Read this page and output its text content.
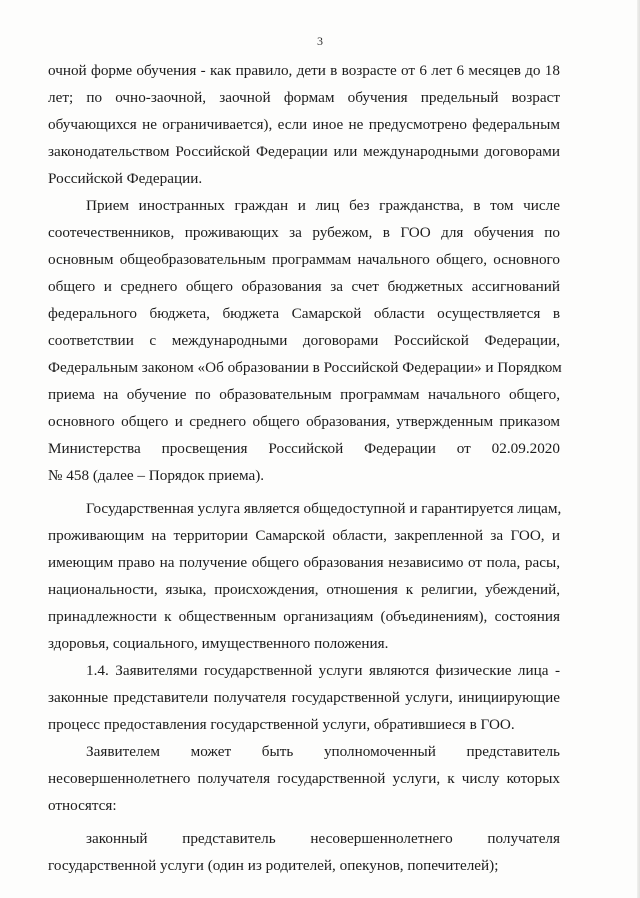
3
очной форме обучения - как правило, дети в возрасте от 6 лет 6 месяцев до 18
лет; по очно-заочной, заочной формам обучения предельный возраст
обучающихся не ограничивается), если иное не предусмотрено федеральным
законодательством Российской Федерации или международными договорами
Российской Федерации.
Прием иностранных граждан и лиц без гражданства, в том числе
соотечественников, проживающих за рубежом, в ГОО для обучения по
основным общеобразовательным программам начального общего, основного
общего и среднего общего образования за счет бюджетных ассигнований
федерального бюджета, бюджета Самарской области осуществляется в
соответствии с международными договорами Российской Федерации,
Федеральным законом «Об образовании в Российской Федерации» и Порядком
приема на обучение по образовательным программам начального общего,
основного общего и среднего общего образования, утвержденным приказом
Министерства просвещения Российской Федерации от 02.09.2020
№ 458 (далее – Порядок приема).
Государственная услуга является общедоступной и гарантируется лицам,
проживающим на территории Самарской области, закрепленной за ГОО, и
имеющим право на получение общего образования независимо от пола, расы,
национальности, языка, происхождения, отношения к религии, убеждений,
принадлежности к общественным организациям (объединениям), состояния
здоровья, социального, имущественного положения.
1.4. Заявителями государственной услуги являются физические лица -
законные представители получателя государственной услуги, инициирующие
процесс предоставления государственной услуги, обратившиеся в ГОО.
Заявителем может быть уполномоченный представитель
несовершеннолетнего получателя государственной услуги, к числу которых
относятся:
законный представитель несовершеннолетнего получателя
государственной услуги (один из родителей, опекунов, попечителей);
